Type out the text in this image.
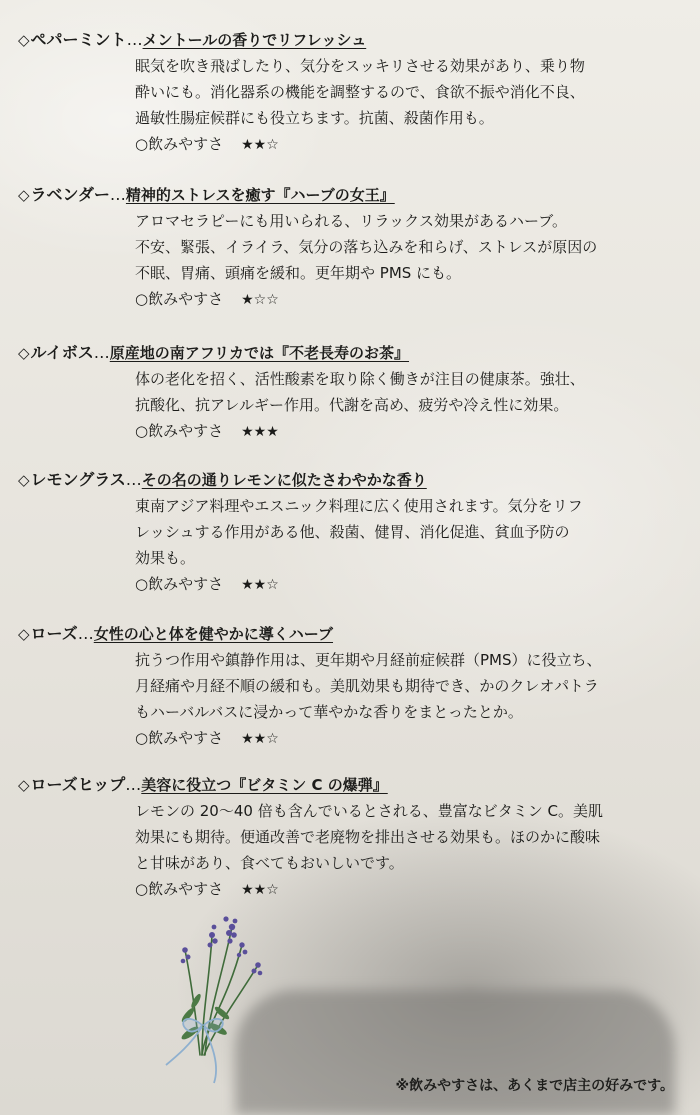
◇ ペパーミント … メントールの香りでリフレッシュ
眠気を吹き飛ばしたり、気分をスッキリさせる効果があり、乗り物
酔いにも。消化器系の機能を調整するので、食欲不振や消化不良、
過敏性腸症候群にも役立ちます。抗菌、殺菌作用も。
○飲みやすさ ★★☆
◇ ラベンダー … 精神的ストレスを癒す『ハーブの女王』
アロマセラピーにも用いられる、リラックス効果があるハーブ。
不安、緊張、イライラ、気分の落ち込みを和らげ、ストレスが原因の
不眠、胃痛、頭痛を緩和。更年期や PMS にも。
○飲みやすさ ★☆☆
◇ ルイボス … 原産地の南アフリカでは『不老長寿のお茶』
体の老化を招く、活性酸素を取り除く働きが注目の健康茶。強壮、
抗酸化、抗アレルギー作用。代謝を高め、疲労や冷え性に効果。
○飲みやすさ ★★★
◇ レモングラス … その名の通りレモンに似たさわやかな香り
東南アジア料理やエスニック料理に広く使用されます。気分をリフ
レッシュする作用がある他、殺菌、健胃、消化促進、貧血予防の
効果も。
○飲みやすさ ★★☆
◇ ローズ … 女性の心と体を健やかに導くハーブ
抗うつ作用や鎮静作用は、更年期や月経前症候群（PMS）に役立ち、
月経痛や月経不順の緩和も。美肌効果も期待でき、かのクレオパトラ
もハーバルバスに浸かって華やかな香りをまとったとか。
○飲みやすさ ★★☆
◇ ローズヒップ … 美容に役立つ『ビタミン C の爆弾』
レモンの 20〜40 倍も含んでいるとされる、豊富なビタミン C。美肌
効果にも期待。便通改善で老廃物を排出させる効果も。ほのかに酸味
と甘味があり、食べてもおいしいです。
○飲みやすさ ★★☆
※飲みやすさは、あくまで店主の好みです。
